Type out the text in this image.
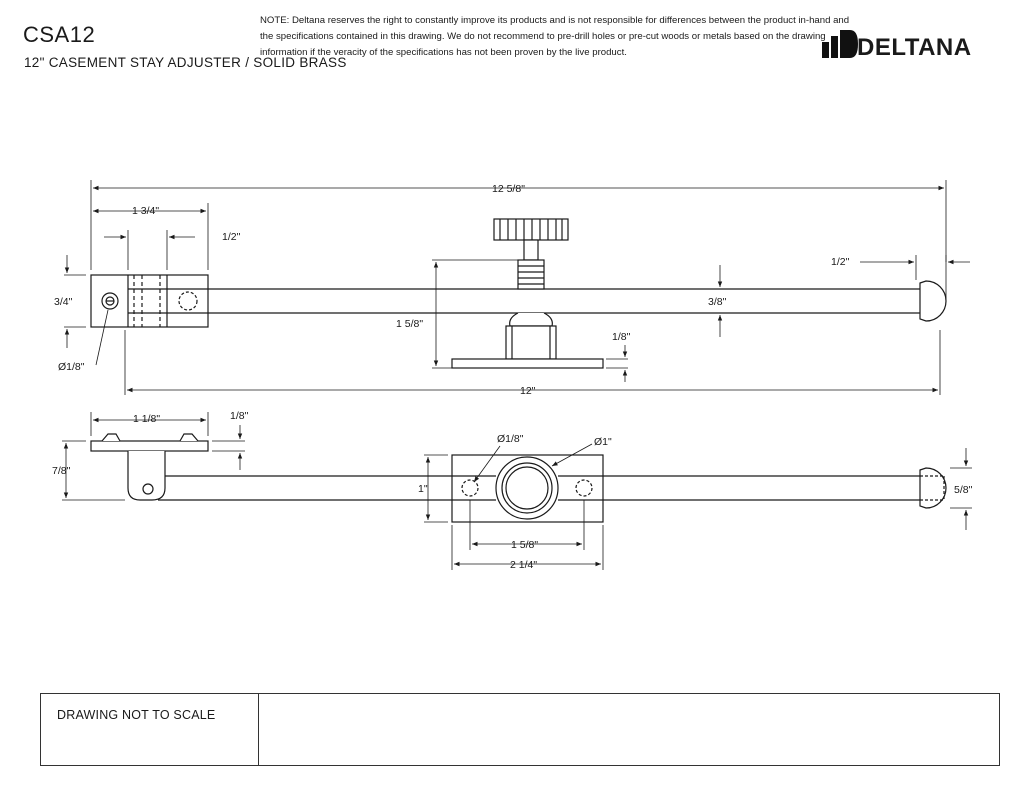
CSA12
12" CASEMENT STAY ADJUSTER / SOLID BRASS
DELTANA
12 5/8"
1 3/4"
1/2"
3/4"
Ø1/8"
1 5/8"
3/8"
1/8"
1/2"
12"
1 1/8"	1/8"
7/8"
1"
Ø1/8"	Ø1"
1 5/8"
2 1/4"
5/8"
DRAWING NOT TO SCALE
NOTE: Deltana reserves the right to constantly improve its products and is not responsible for differences between the product in-hand and
the specifications contained in this drawing. We do not recommend to pre-drill holes or pre-cut woods or metals based on the drawing
information if the veracity of the specifications has not been proven by the live product.
